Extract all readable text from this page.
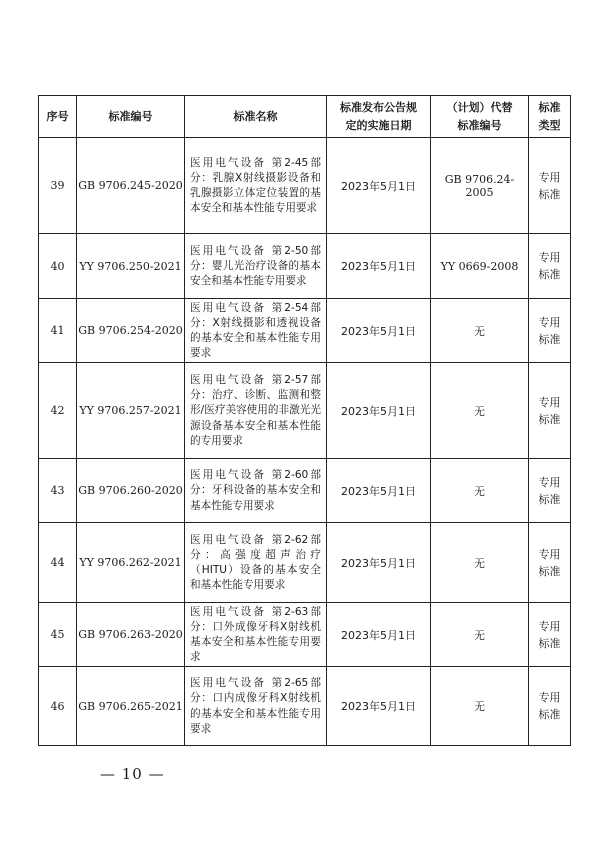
序号	标准编号	标准名称	标准发布公告规定的实施日期	（计划）代替标准编号	标准类型
39	GB 9706.245-2020	医用电气设备 第2-45部分：乳腺X射线摄影设备和乳腺摄影立体定位装置的基本安全和基本性能专用要求	2023年5月1日	GB 9706.24-2005	专用标准
40	YY 9706.250-2021	医用电气设备 第2-50部分：婴儿光治疗设备的基本安全和基本性能专用要求	2023年5月1日	YY 0669-2008	专用标准
41	GB 9706.254-2020	医用电气设备 第2-54部分：X射线摄影和透视设备的基本安全和基本性能专用要求	2023年5月1日	无	专用标准
42	YY 9706.257-2021	医用电气设备 第2-57部分：治疗、诊断、监测和整形/医疗美容使用的非激光光源设备基本安全和基本性能的专用要求	2023年5月1日	无	专用标准
43	GB 9706.260-2020	医用电气设备 第2-60部分：牙科设备的基本安全和基本性能专用要求	2023年5月1日	无	专用标准
44	YY 9706.262-2021	医用电气设备 第2-62部分：高强度超声治疗（HITU）设备的基本安全和基本性能专用要求	2023年5月1日	无	专用标准
45	GB 9706.263-2020	医用电气设备 第2-63部分：口外成像牙科X射线机基本安全和基本性能专用要求	2023年5月1日	无	专用标准
46	GB 9706.265-2021	医用电气设备 第2-65部分：口内成像牙科X射线机的基本安全和基本性能专用要求	2023年5月1日	无	专用标准
— 10 —
